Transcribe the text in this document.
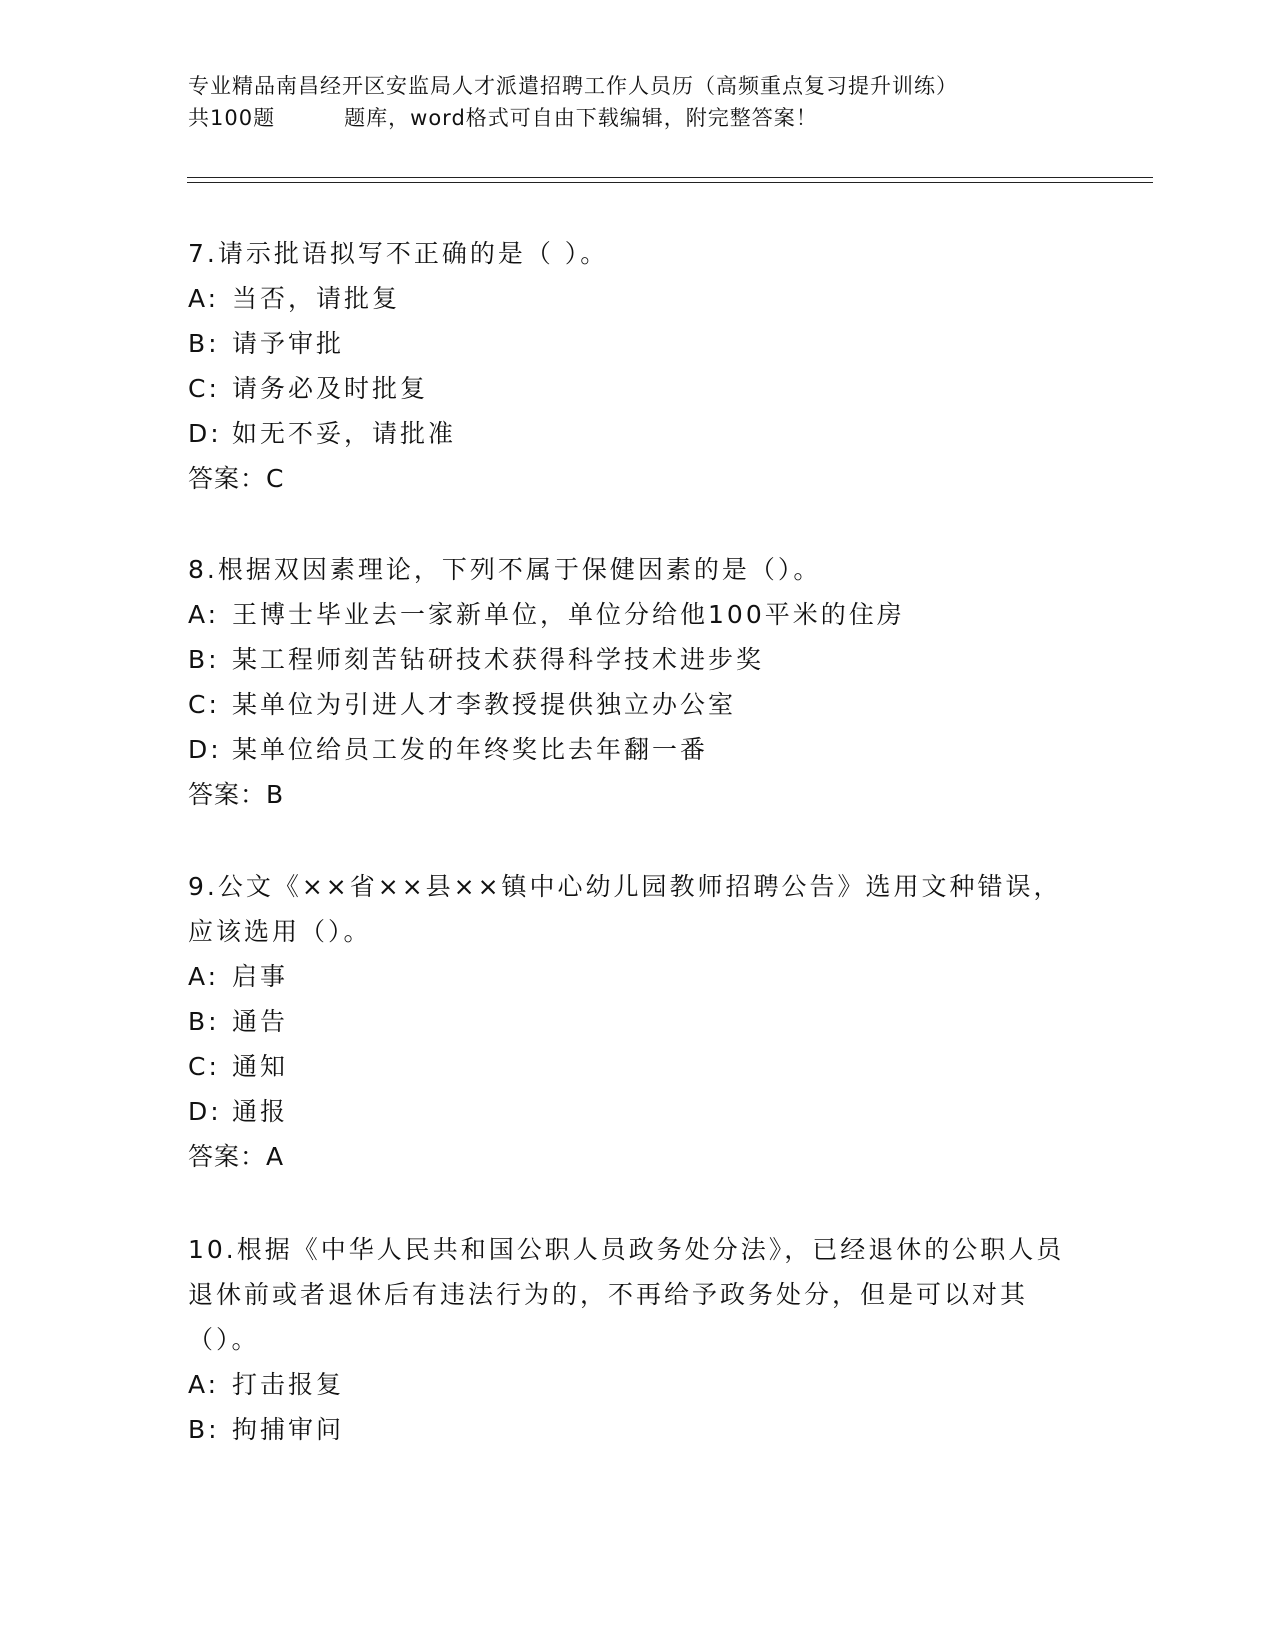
专业精品南昌经开区安监局人才派遣招聘工作人员历（高频重点复习提升训练）
共100题         题库，word格式可自由下载编辑，附完整答案！
7.请示批语拟写不正确的是（ ）。
A: 当否，请批复
B: 请予审批
C: 请务必及时批复
D: 如无不妥，请批准
答案：C
8.根据双因素理论，下列不属于保健因素的是（）。
A: 王博士毕业去一家新单位，单位分给他100平米的住房
B: 某工程师刻苦钻研技术获得科学技术进步奖
C: 某单位为引进人才李教授提供独立办公室
D: 某单位给员工发的年终奖比去年翻一番
答案：B
9.公文《××省××县××镇中心幼儿园教师招聘公告》选用文种错误，应该选用（）。
A: 启事
B: 通告
C: 通知
D: 通报
答案：A
10.根据《中华人民共和国公职人员政务处分法》，已经退休的公职人员退休前或者退休后有违法行为的，不再给予政务处分，但是可以对其（）。
A: 打击报复
B: 拘捕审问
